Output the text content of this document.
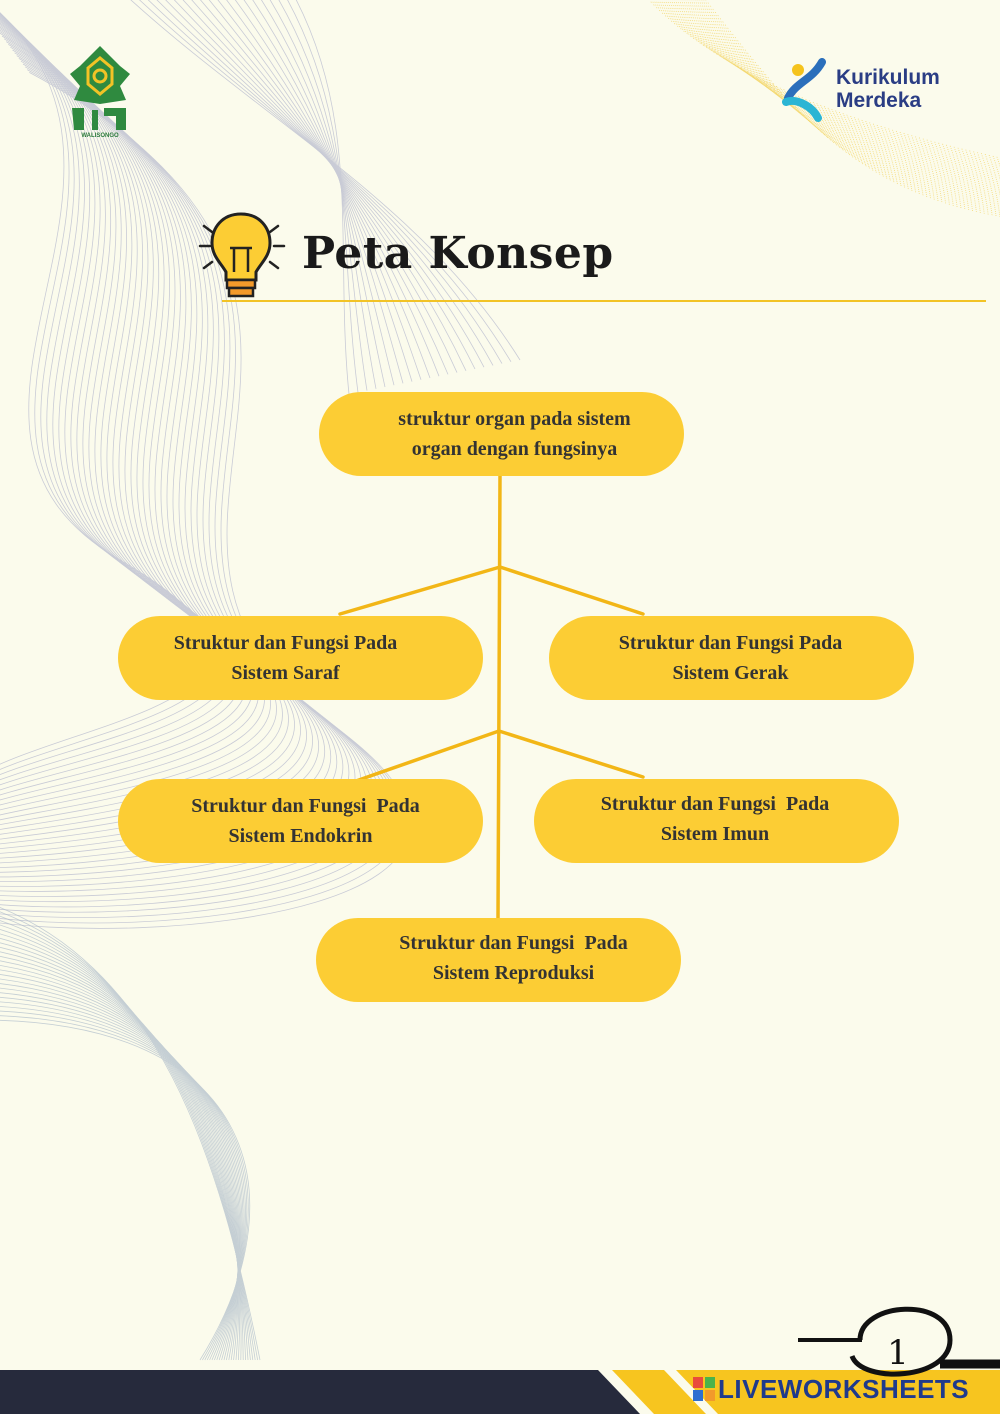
WALISONGO
Kurikulum
Merdeka
Peta Konsep
struktur organ pada sistem
organ dengan fungsinya
Struktur dan Fungsi Pada
Sistem Saraf
Struktur dan Fungsi Pada
Sistem Gerak
Struktur dan Fungsi  Pada
Sistem Endokrin
Struktur dan Fungsi  Pada
Sistem Imun
Struktur dan Fungsi  Pada
Sistem Reproduksi
1
LIVEWORKSHEETS
